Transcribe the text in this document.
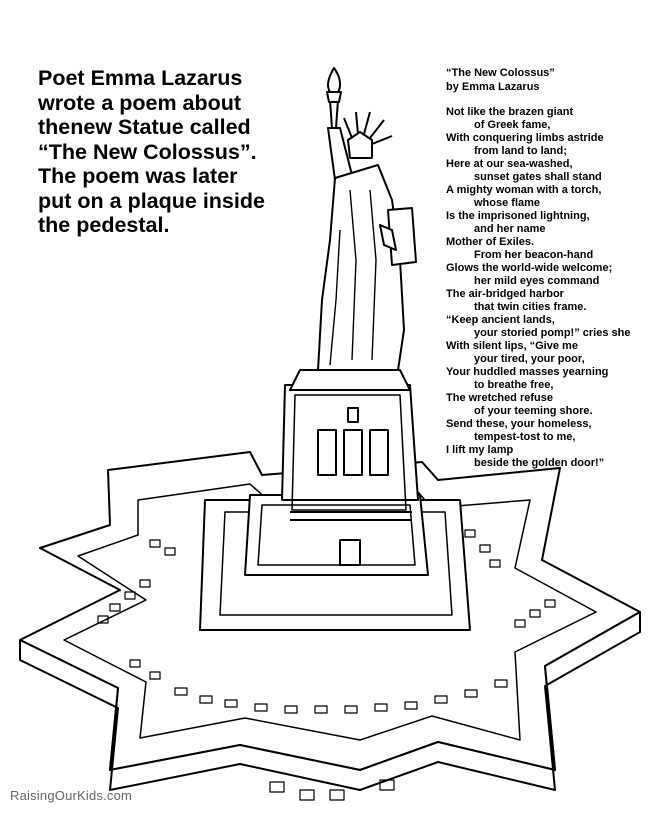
Poet Emma Lazarus
wrote a poem about
thenew Statue called
“The New Colossus”.
The poem was later
put on a plaque inside
the pedestal.
“The New Colossus”
by Emma Lazarus
Not like the brazen giant
of Greek fame,
With conquering limbs astride
from land to land;
Here at our sea-washed,
sunset gates shall stand
A mighty woman with a torch,
whose flame
Is the imprisoned lightning,
and her name
Mother of Exiles.
From her beacon-hand
Glows the world-wide welcome;
her mild eyes command
The air-bridged harbor
that twin cities frame.
“Keep ancient lands,
your storied pomp!” cries she
With silent lips, “Give me
your tired, your poor,
Your huddled masses yearning
to breathe free,
The wretched refuse
of your teeming shore.
Send these, your homeless,
tempest-tost to me,
I lift my lamp
beside the golden door!”
RaisingOurKids.com
